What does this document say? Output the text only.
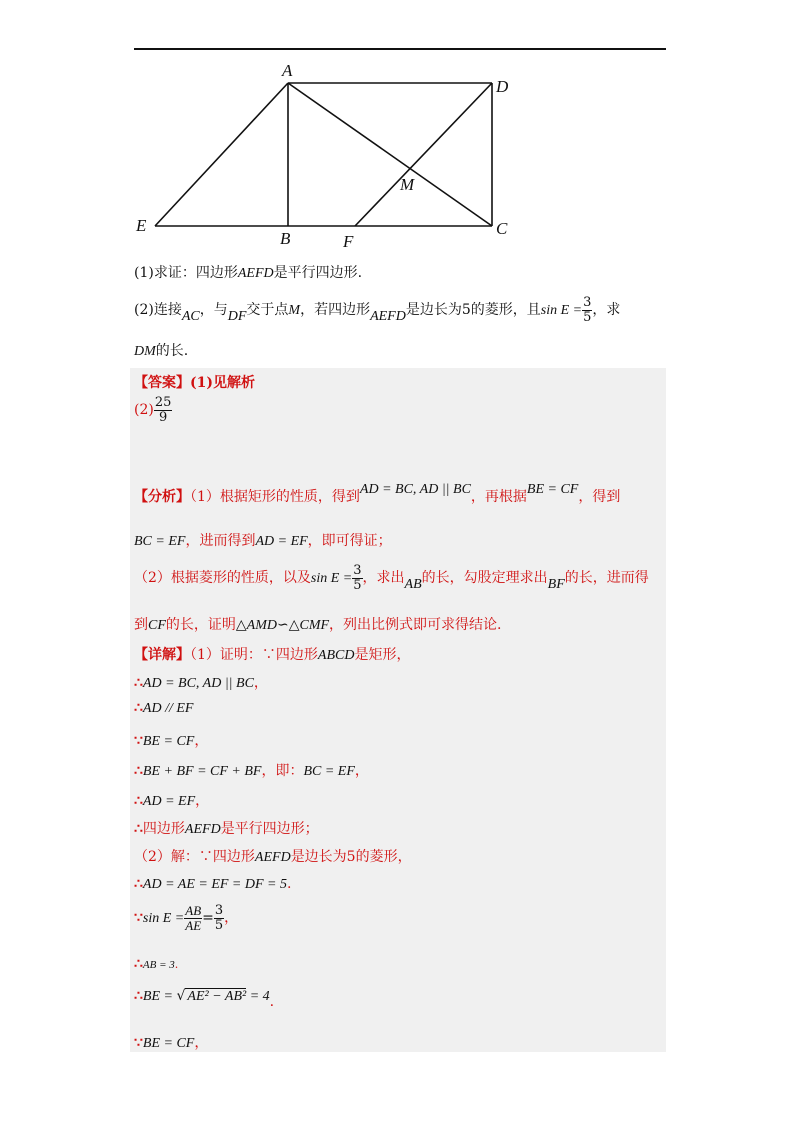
A
D
E
B	F
C
M
(1)求证：四边形AEFD是平行四边形.
(2)连接AC，与DF交于点M，若四边形AEFD是边长为5的菱形，且$\sin E = \frac{3}{5}$ ，求
DM的长.
【答案】(1)见解析
$(2) \frac{25}{9}$
【分析】（1）根据矩形的性质，得到AD = BC, AD || BC，再根据BE = CF，得到
BC = EF，进而得到AD = EF，即可得证；
（2）根据菱形的性质，以及$\sin E = \frac{3}{5}$ ，求出AB的长，勾股定理求出BF的长，进而得
到CF的长，证明△AMD∽△CMF，列出比例式即可求得结论.
【详解】（1）证明：∵四边形ABCD是矩形，
∴AD = BC, AD || BC，
∴AD // EF
∵BE = CF，
∴BE + BF = CF + BF，即：BC = EF，
∴AD = EF，
∴四边形AEFD是平行四边形；
（2）解：∵四边形AEFD是边长为5的菱形，
∴AD = AE = EF = DF = 5.
∵sin $E = \frac{AB}{AE} = \frac{3}{5}$ ，
∴AB = 3.
∴BE = √ AE² − AB² = 4.
∵BE = CF，
